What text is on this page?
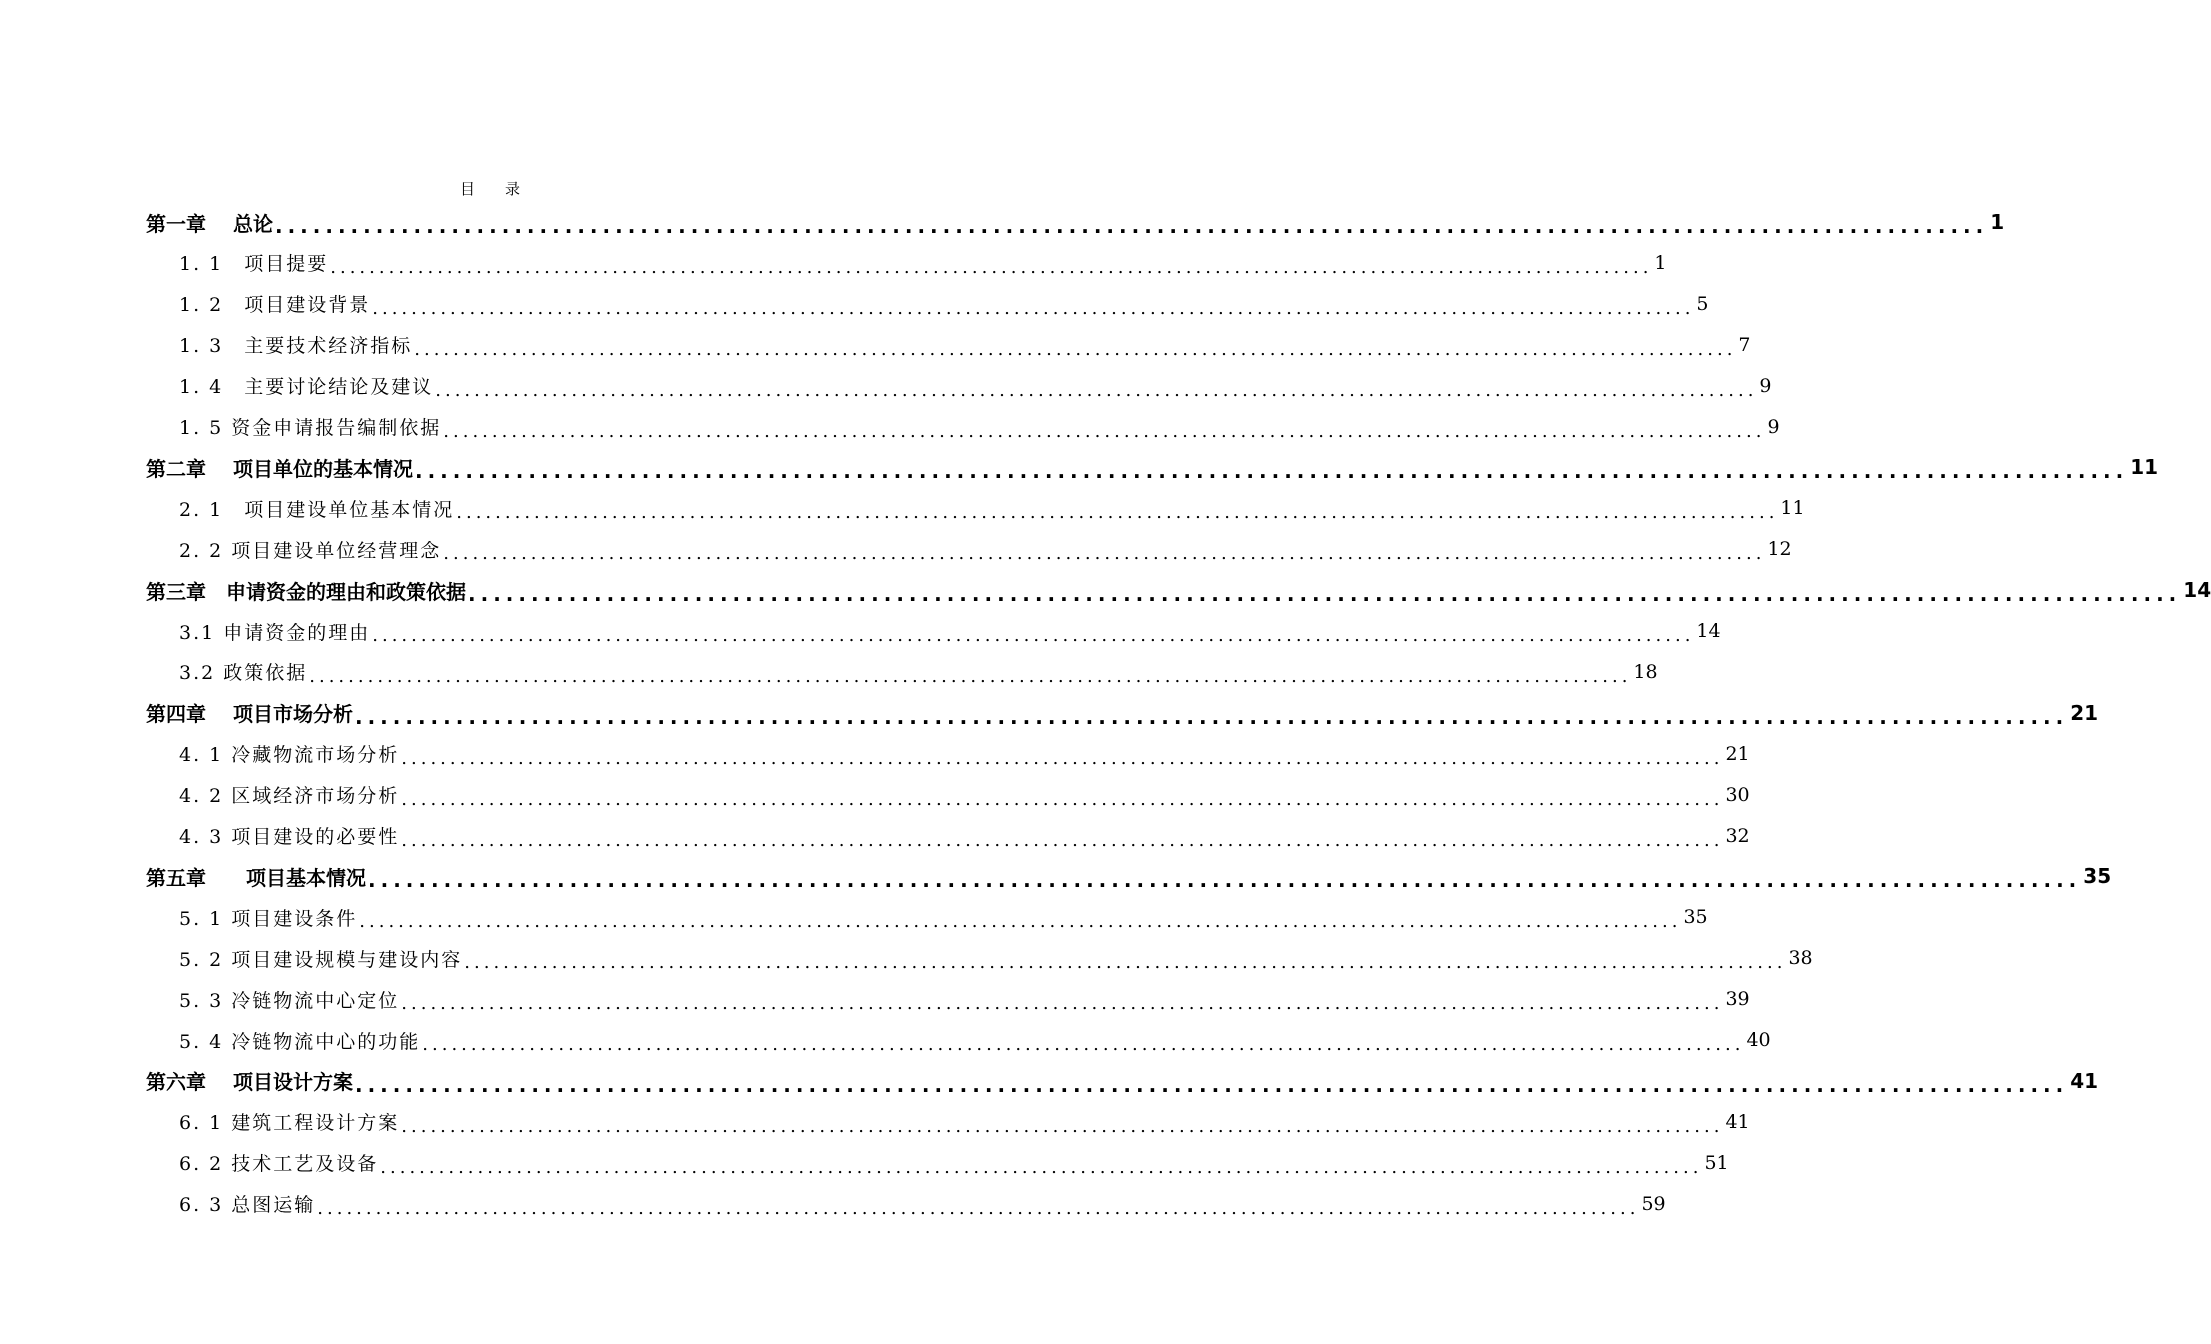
目 录
第一章　 总论 ........................................................................................................................................ 1
1. 1　项目提要 ........................................................................................................................................ 1
1. 2　项目建设背景 ........................................................................................................................................ 5
1. 3　主要技术经济指标 ........................................................................................................................................ 7
1. 4　主要讨论结论及建议 ........................................................................................................................................ 9
1. 5 资金申请报告编制依据 ........................................................................................................................................ 9
第二章　 项目单位的基本情况 ........................................................................................................................................ 11
2. 1　项目建设单位基本情况 ........................................................................................................................................ 11
2. 2 项目建设单位经营理念 ........................................................................................................................................ 12
第三章　申请资金的理由和政策依据 ........................................................................................................................................ 14
3.1 申请资金的理由 ........................................................................................................................................ 14
3.2 政策依据 ........................................................................................................................................ 18
第四章　 项目市场分析 ........................................................................................................................................ 21
4. 1 冷藏物流市场分析 ........................................................................................................................................ 21
4. 2 区域经济市场分析 ........................................................................................................................................ 30
4. 3 项目建设的必要性 ........................................................................................................................................ 32
第五章　　项目基本情况 ........................................................................................................................................ 35
5. 1 项目建设条件 ........................................................................................................................................ 35
5. 2 项目建设规模与建设内容 ........................................................................................................................................ 38
5. 3 冷链物流中心定位 ........................................................................................................................................ 39
5. 4 冷链物流中心的功能 ........................................................................................................................................ 40
第六章　 项目设计方案 ........................................................................................................................................ 41
6. 1 建筑工程设计方案 ........................................................................................................................................ 41
6. 2 技术工艺及设备 ........................................................................................................................................ 51
6. 3 总图运输 ........................................................................................................................................ 59
